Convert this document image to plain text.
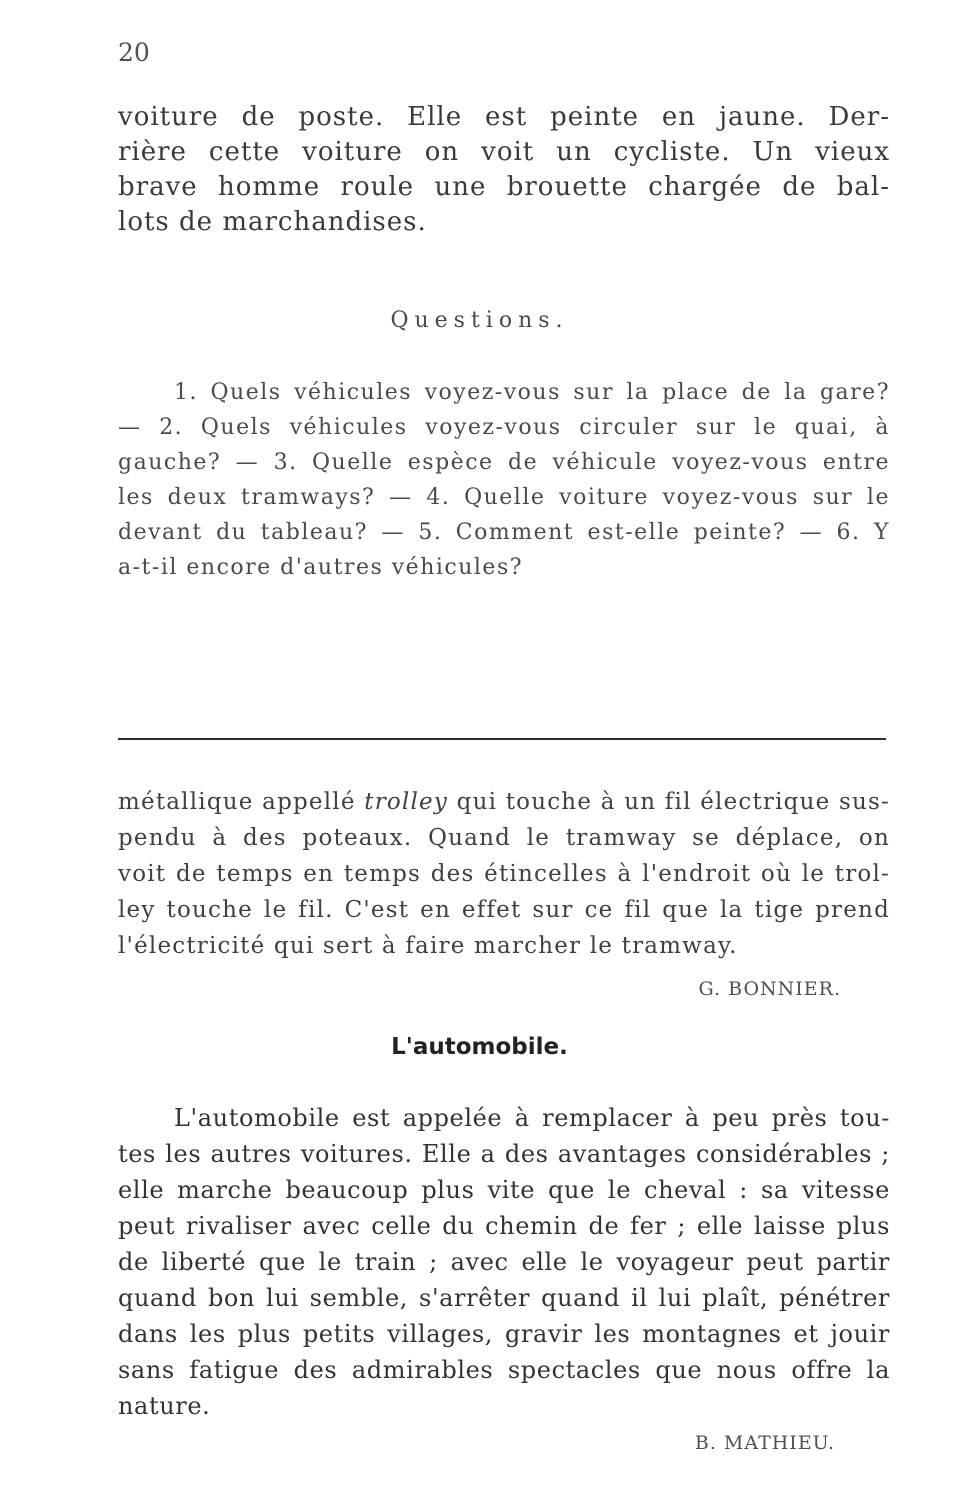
20
voiture de poste. Elle est peinte en jaune. Der-
rière cette voiture on voit un cycliste. Un vieux
brave homme roule une brouette chargée de bal-
lots de marchandises.
Questions.
1. Quels véhicules voyez-vous sur la place de la gare?
— 2. Quels véhicules voyez-vous circuler sur le quai, à
gauche? — 3. Quelle espèce de véhicule voyez-vous entre
les deux tramways? — 4. Quelle voiture voyez-vous sur le
devant du tableau? — 5. Comment est-elle peinte? — 6. Y
a-t-il encore d'autres véhicules?
métallique appellé trolley qui touche à un fil électrique sus-
pendu à des poteaux. Quand le tramway se déplace, on
voit de temps en temps des étincelles à l'endroit où le trol-
ley touche le fil. C'est en effet sur ce fil que la tige prend
l'électricité qui sert à faire marcher le tramway.
G. BONNIER.
L'automobile.
L'automobile est appelée à remplacer à peu près tou-
tes les autres voitures. Elle a des avantages considérables ;
elle marche beaucoup plus vite que le cheval : sa vitesse
peut rivaliser avec celle du chemin de fer ; elle laisse plus
de liberté que le train ; avec elle le voyageur peut partir
quand bon lui semble, s'arrêter quand il lui plaît, pénétrer
dans les plus petits villages, gravir les montagnes et jouir
sans fatigue des admirables spectacles que nous offre la
nature.
B. MATHIEU.
